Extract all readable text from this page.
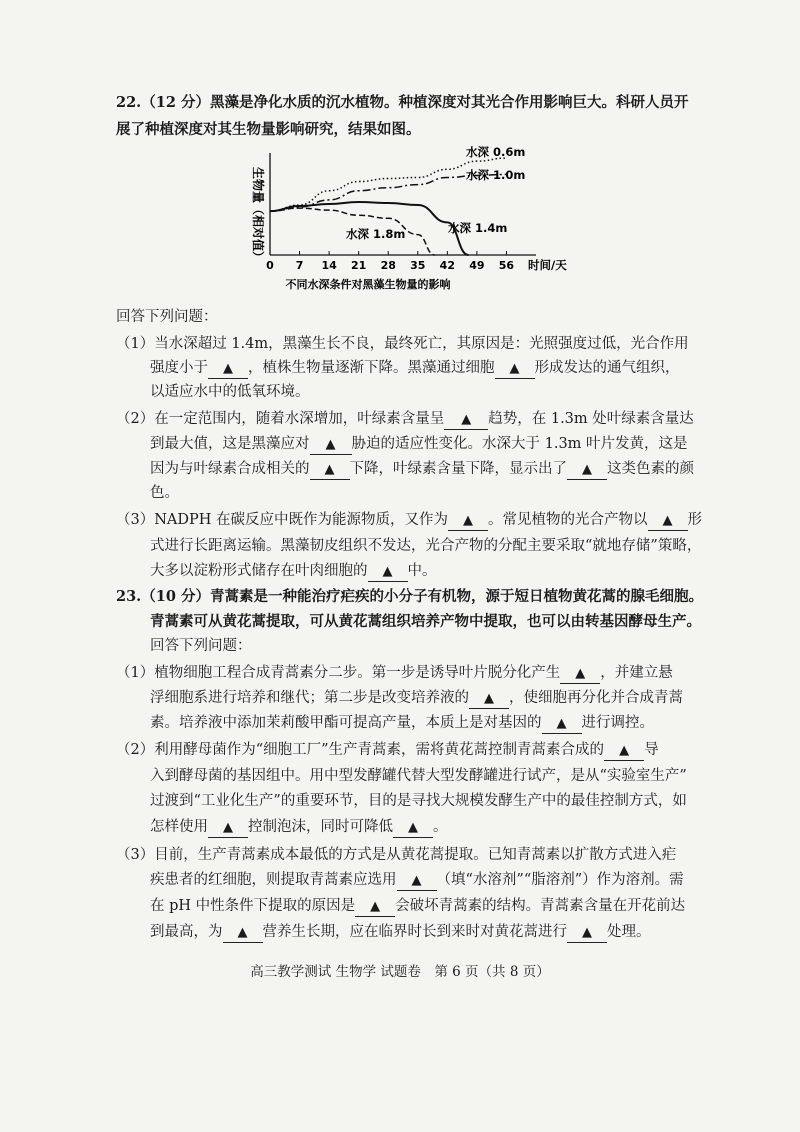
22.（12 分）黑藻是净化水质的沉水植物。种植深度对其光合作用影响巨大。科研人员开
展了种植深度对其生物量影响研究，结果如图。
生物量（相对值）
0 7 14 21 28 35 42 49 56
水深 0.6m
水深 1.0m
水深 1.4m
水深 1.8m
时间/天
不同水深条件对黑藻生物量的影响
回答下列问题：
（1）当水深超过 1.4m，黑藻生长不良，最终死亡，其原因是：光照强度过低，光合作用
强度小于 ▲ ，植株生物量逐渐下降。黑藻通过细胞 ▲ 形成发达的通气组织，
以适应水中的低氧环境。
（2）在一定范围内，随着水深增加，叶绿素含量呈 ▲ 趋势，在 1.3m 处叶绿素含量达
到最大值，这是黑藻应对 ▲ 胁迫的适应性变化。水深大于 1.3m 叶片发黄，这是
因为与叶绿素合成相关的 ▲ 下降，叶绿素含量下降，显示出了 ▲ 这类色素的颜
色。
（3）NADPH 在碳反应中既作为能源物质，又作为 ▲ 。常见植物的光合产物以 ▲ 形
式进行长距离运输。黑藻韧皮组织不发达，光合产物的分配主要采取“就地存储”策略，
大多以淀粉形式储存在叶肉细胞的 ▲ 中。
23.（10 分）青蒿素是一种能治疗疟疾的小分子有机物，源于短日植物黄花蒿的腺毛细胞。
青蒿素可从黄花蒿提取，可从黄花蒿组织培养产物中提取，也可以由转基因酵母生产。
回答下列问题：
（1）植物细胞工程合成青蒿素分二步。第一步是诱导叶片脱分化产生 ▲ ，并建立悬
浮细胞系进行培养和继代；第二步是改变培养液的 ▲ ，使细胞再分化并合成青蒿
素。培养液中添加茉莉酸甲酯可提高产量，本质上是对基因的 ▲ 进行调控。
（2）利用酵母菌作为“细胞工厂”生产青蒿素，需将黄花蒿控制青蒿素合成的 ▲ 导
入到酵母菌的基因组中。用中型发酵罐代替大型发酵罐进行试产，是从“实验室生产”
过渡到“工业化生产”的重要环节，目的是寻找大规模发酵生产中的最佳控制方式，如
怎样使用 ▲ 控制泡沫，同时可降低 ▲ 。
（3）目前，生产青蒿素成本最低的方式是从黄花蒿提取。已知青蒿素以扩散方式进入疟
疾患者的红细胞，则提取青蒿素应选用 ▲ （填“水溶剂”“脂溶剂”）作为溶剂。需
在 pH 中性条件下提取的原因是 ▲ 会破坏青蒿素的结构。青蒿素含量在开花前达
到最高，为 ▲ 营养生长期，应在临界时长到来时对黄花蒿进行 ▲ 处理。
高三教学测试 生物学 试题卷　第 6 页（共 8 页）
